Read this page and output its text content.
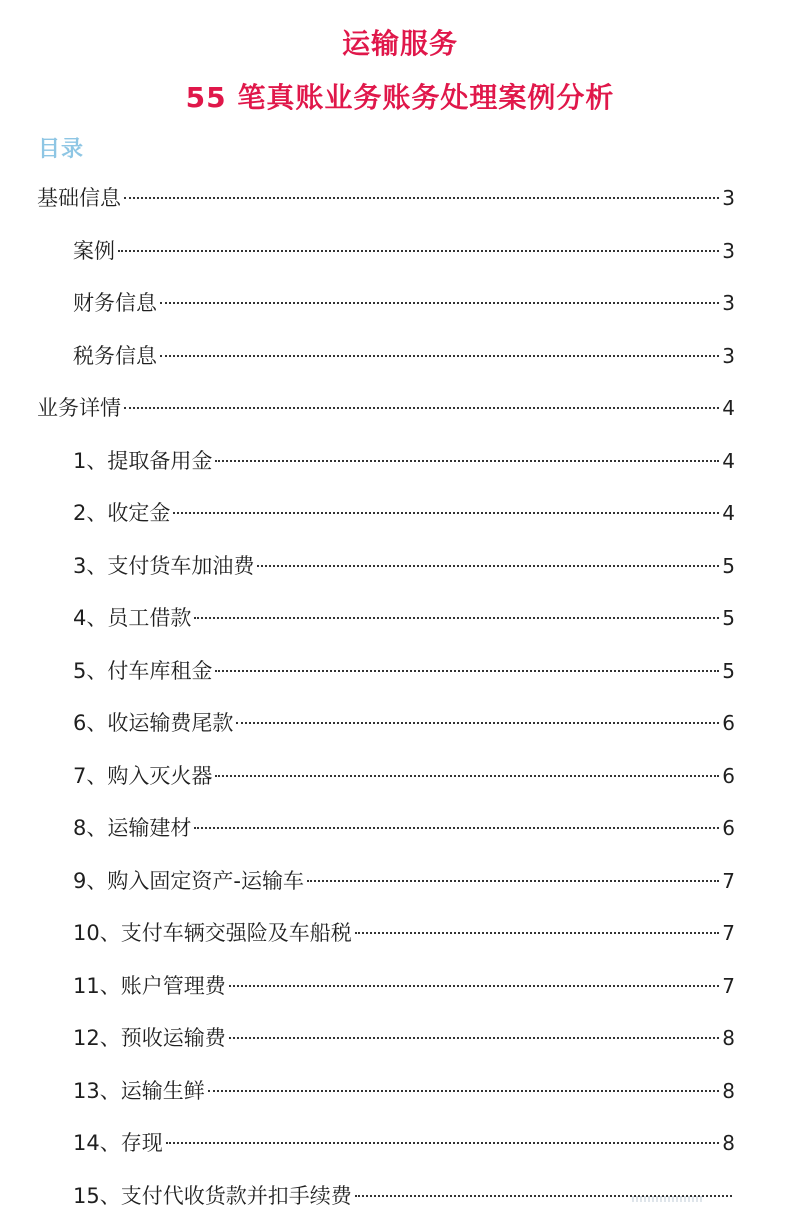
运输服务
55 笔真账业务账务处理案例分析
目录
基础信息	3
案例	3
财务信息	3
税务信息	3
业务详情	4
1、提取备用金	4
2、收定金	4
3、支付货车加油费	5
4、员工借款	5
5、付车库租金	5
6、收运输费尾款	6
7、购入灭火器	6
8、运输建材	6
9、购入固定资产-运输车	7
10、支付车辆交强险及车船税	7
11、账户管理费	7
12、预收运输费	8
13、运输生鲜	8
14、存现	8
15、支付代收货款并扣手续费
